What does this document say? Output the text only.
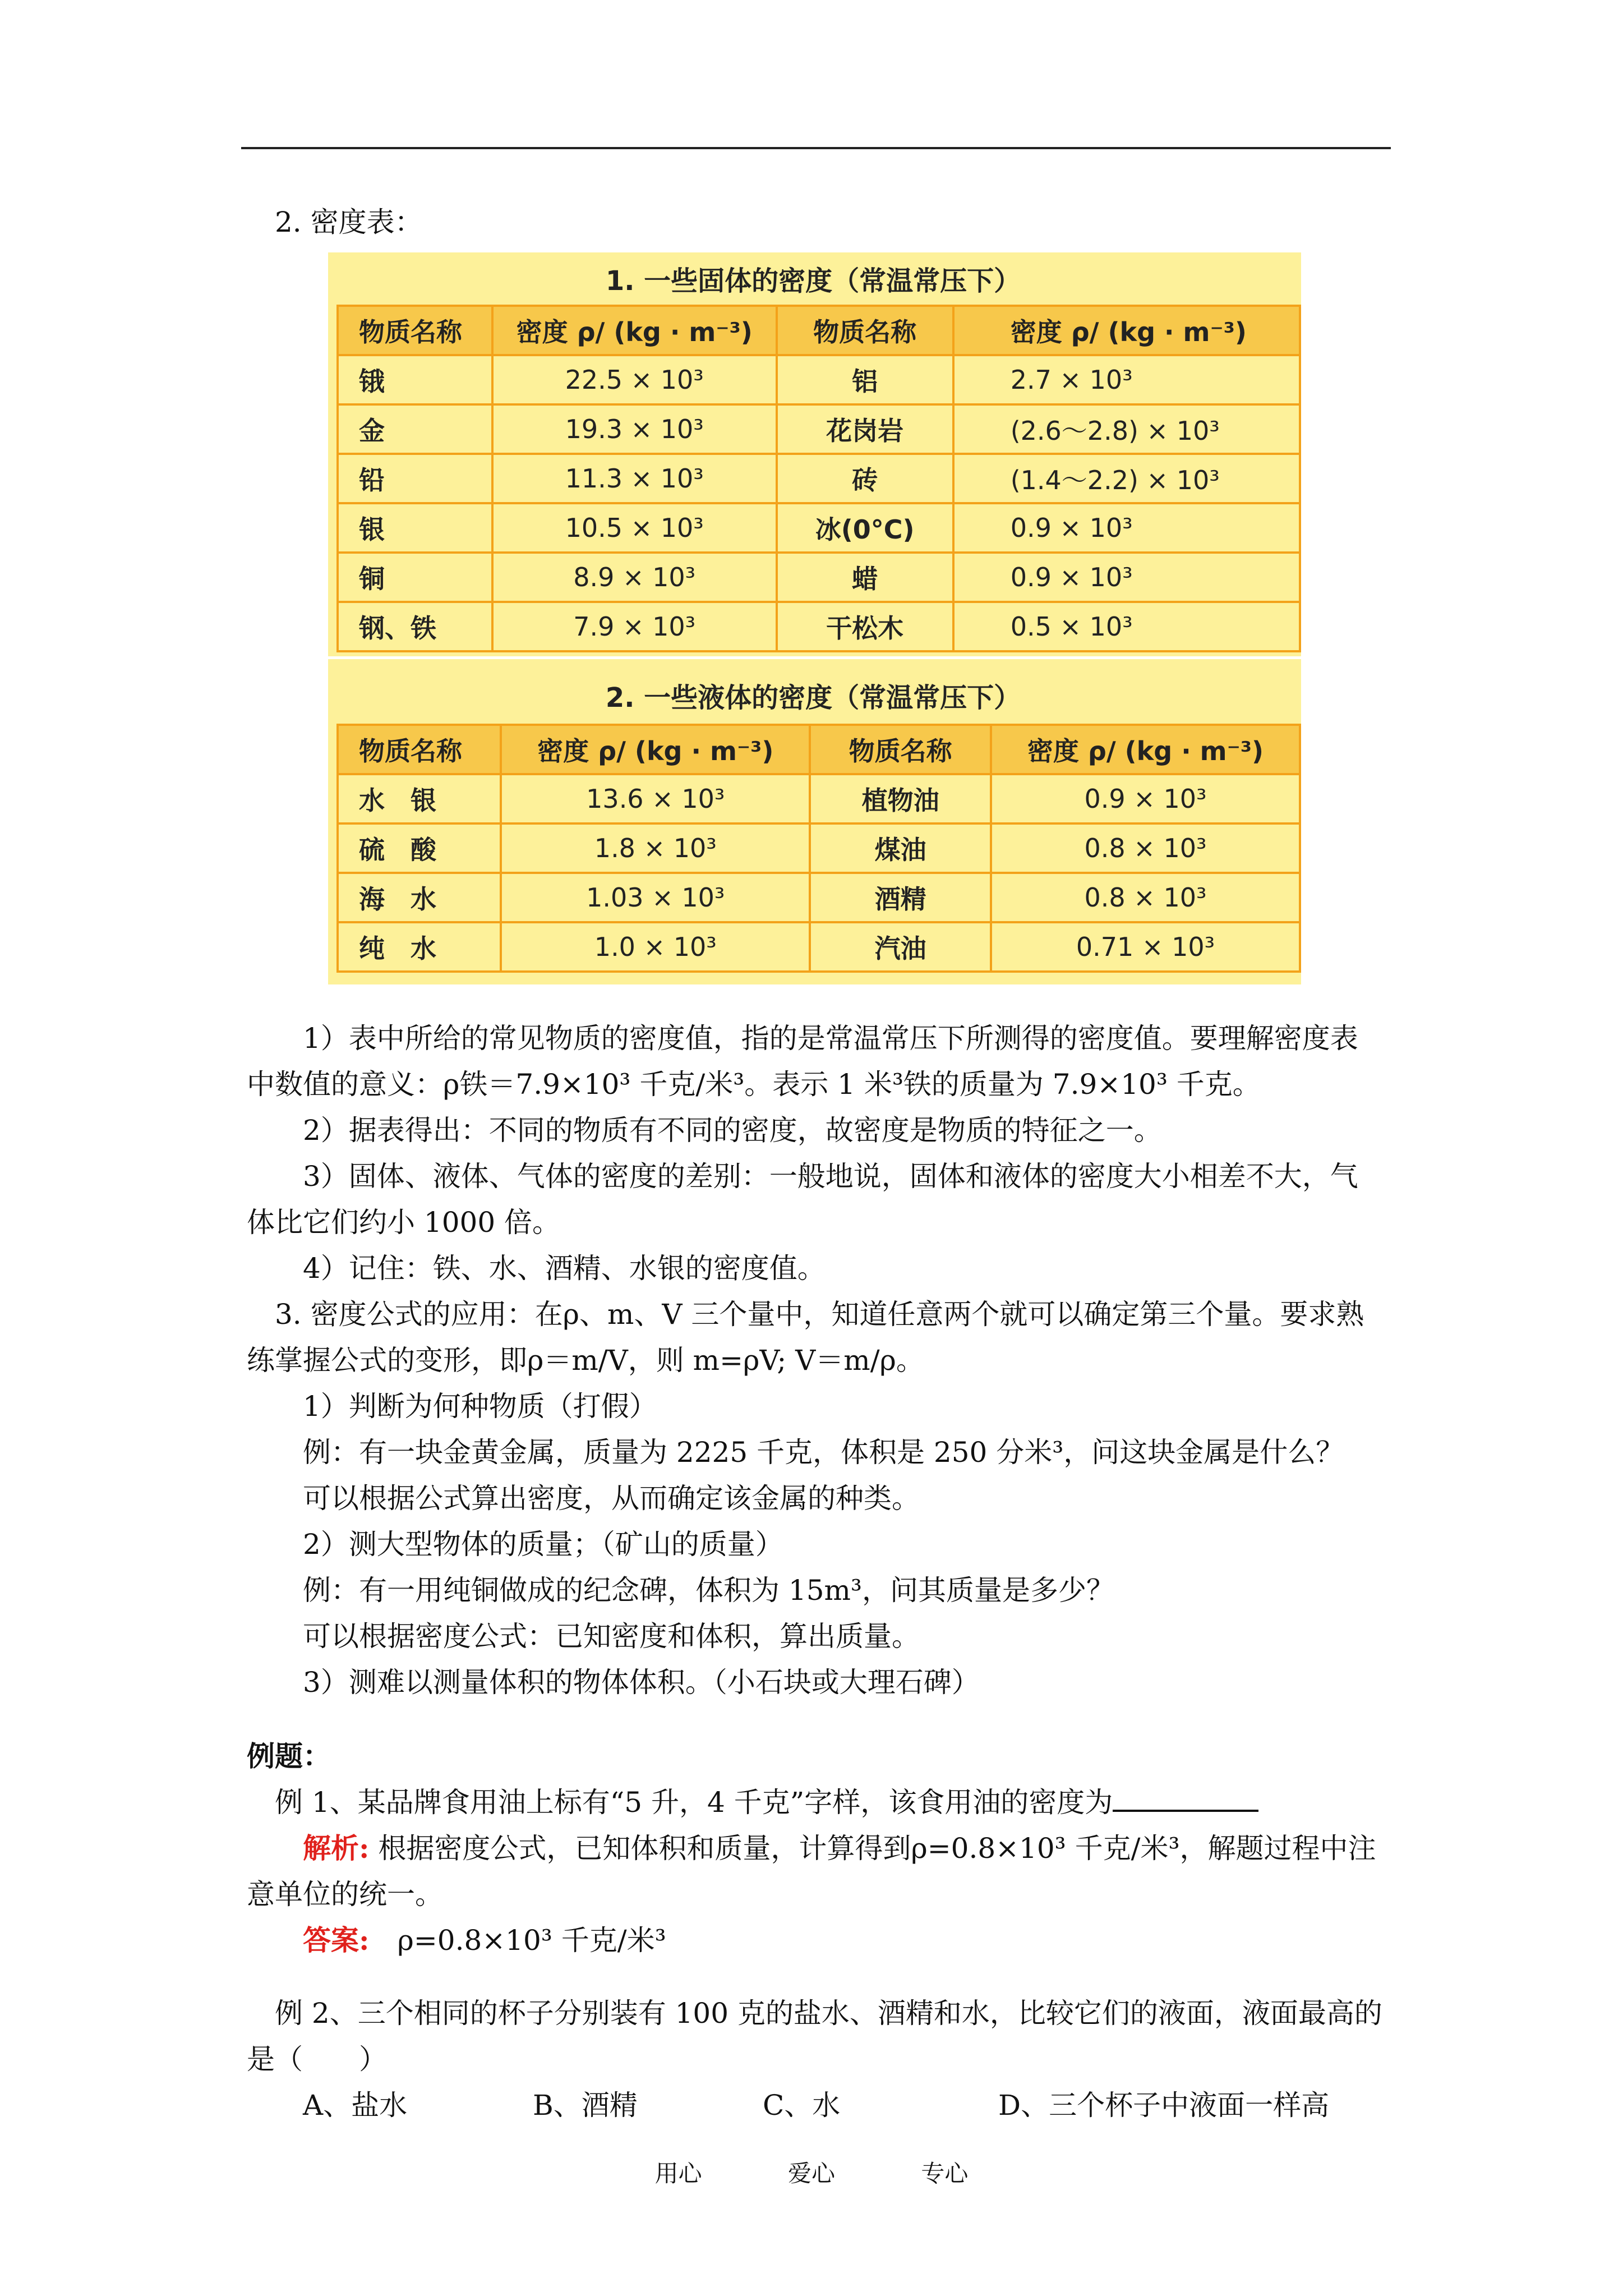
2. 密度表：
1. 一些固体的密度（常温常压下）
物质名称	密度 ρ/ (kg · m⁻³)	物质名称	密度 ρ/ (kg · m⁻³)
锇	22.5 × 10³	铝	2.7 × 10³
金	19.3 × 10³	花岗岩	(2.6～2.8) × 10³
铅	11.3 × 10³	砖	(1.4～2.2) × 10³
银	10.5 × 10³	冰(0°C)	0.9 × 10³
铜	8.9 × 10³	蜡	0.9 × 10³
钢、铁	7.9 × 10³	干松木	0.5 × 10³
2. 一些液体的密度（常温常压下）
物质名称	密度 ρ/ (kg · m⁻³)	物质名称	密度 ρ/ (kg · m⁻³)
水　银	13.6 × 10³	植物油	0.9 × 10³
硫　酸	1.8 × 10³	煤油	0.8 × 10³
海　水	1.03 × 10³	酒精	0.8 × 10³
纯　水	1.0 × 10³	汽油	0.71 × 10³
1）表中所给的常见物质的密度值，指的是常温常压下所测得的密度值。要理解密度表
中数值的意义：ρ铁＝7.9×10³ 千克/米³。表示 1 米³铁的质量为 7.9×10³ 千克。
2）据表得出：不同的物质有不同的密度，故密度是物质的特征之一。
3）固体、液体、气体的密度的差别：一般地说，固体和液体的密度大小相差不大，气
体比它们约小 1000 倍。
4）记住：铁、水、酒精、水银的密度值。
3. 密度公式的应用：在ρ、m、V 三个量中，知道任意两个就可以确定第三个量。要求熟
练掌握公式的变形，即ρ＝m/V，则 m=ρV; V＝m/ρ。
1）判断为何种物质（打假）
例：有一块金黄金属，质量为 2225 千克，体积是 250 分米³，问这块金属是什么？
可以根据公式算出密度，从而确定该金属的种类。
2）测大型物体的质量；（矿山的质量）
例：有一用纯铜做成的纪念碑，体积为 15m³，问其质量是多少？
可以根据密度公式：已知密度和体积，算出质量。
3）测难以测量体积的物体体积。（小石块或大理石碑）
例题：
例 1、某品牌食用油上标有“5 升，4 千克”字样，该食用油的密度为
解析: 根据密度公式，已知体积和质量，计算得到ρ=0.8×10³ 千克/米³，解题过程中注
意单位的统一。
答案:　ρ=0.8×10³ 千克/米³
例 2、三个相同的杯子分别装有 100 克的盐水、酒精和水，比较它们的液面，液面最高的
是（　　）
A、盐水	B、酒精	C、水	D、三个杯子中液面一样高
用心	爱心	专心
